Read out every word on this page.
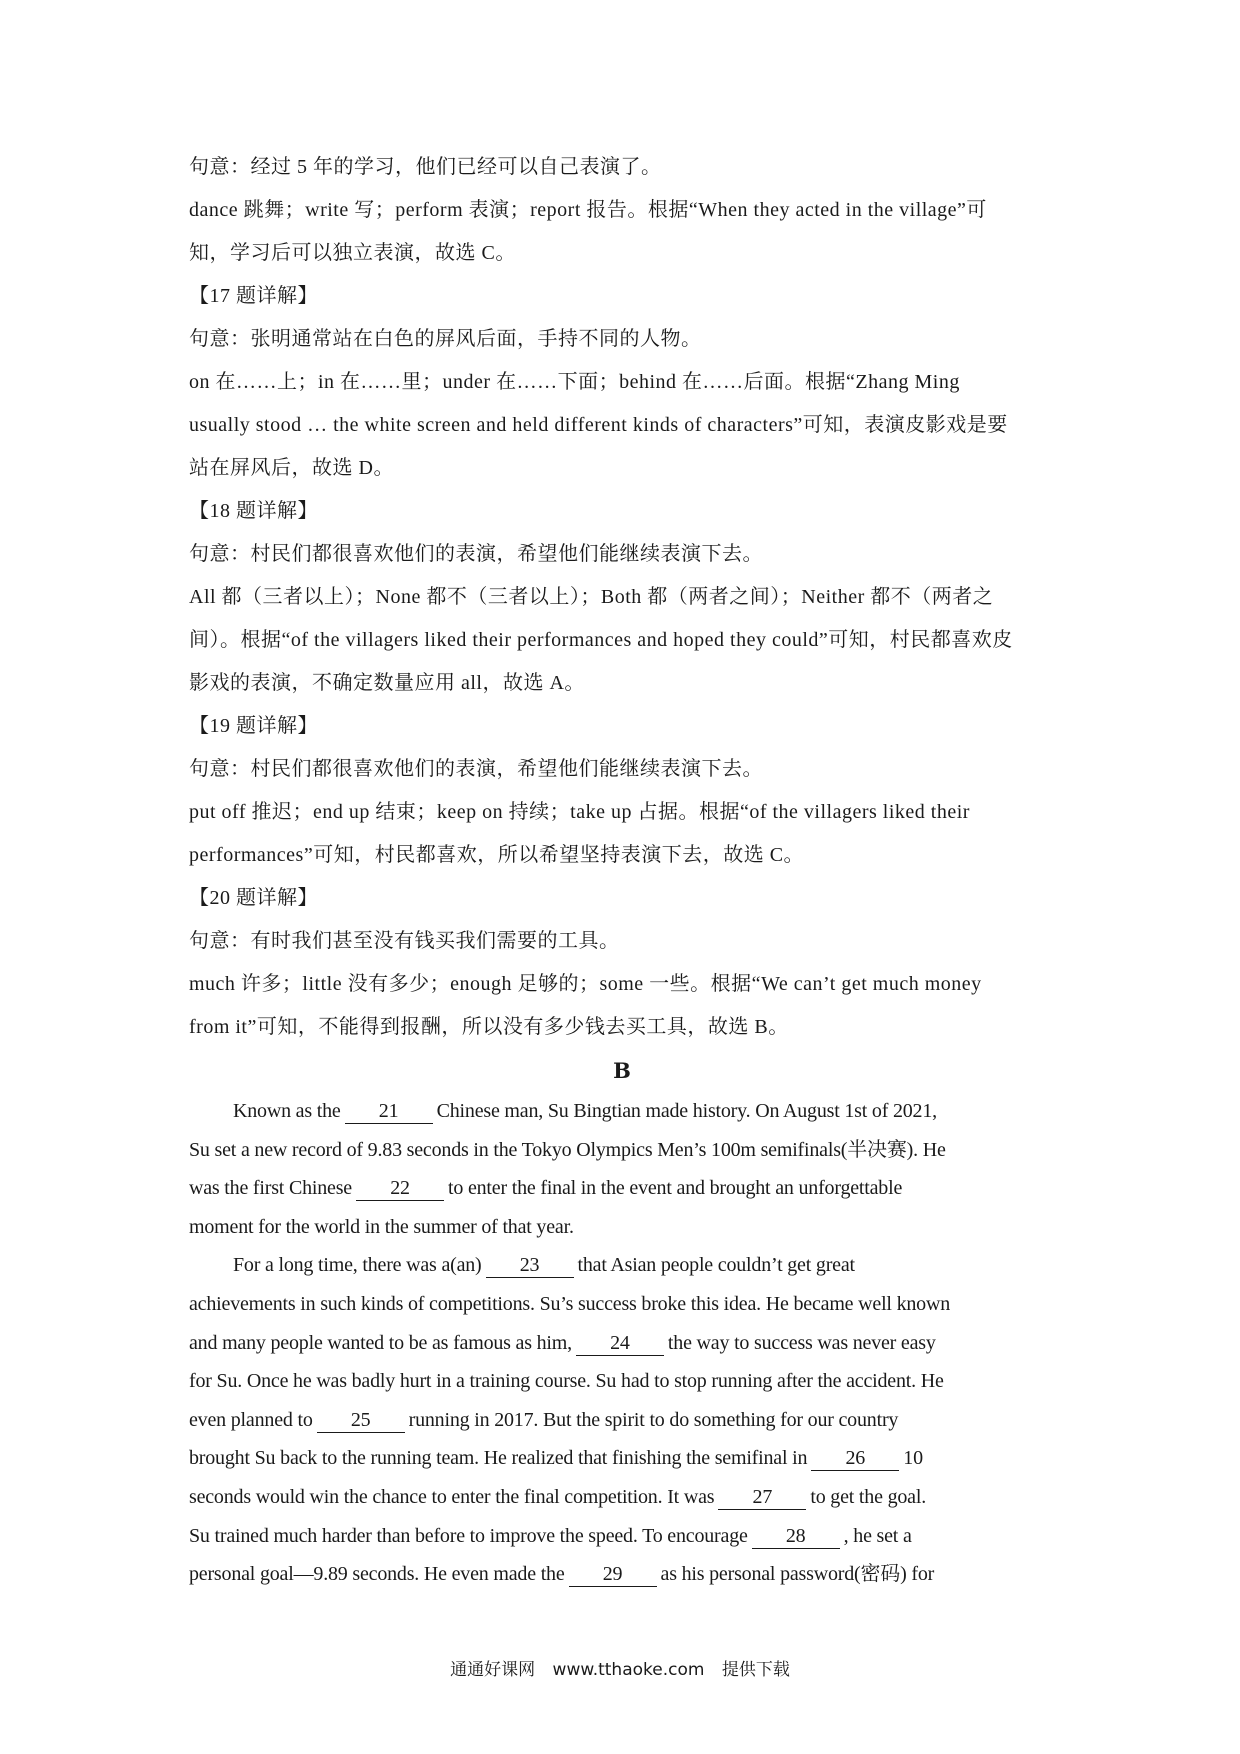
句意：经过 5 年的学习，他们已经可以自己表演了。
dance 跳舞；write 写；perform 表演；report 报告。根据“When they acted in the village”可
知，学习后可以独立表演，故选 C。
【17 题详解】
句意：张明通常站在白色的屏风后面，手持不同的人物。
on 在……上；in 在……里；under 在……下面；behind 在……后面。根据“Zhang Ming
usually stood … the white screen and held different kinds of characters”可知，表演皮影戏是要
站在屏风后，故选 D。
【18 题详解】
句意：村民们都很喜欢他们的表演，希望他们能继续表演下去。
All 都（三者以上）；None 都不（三者以上）；Both 都（两者之间）；Neither 都不（两者之
间）。根据“of the villagers liked their performances and hoped they could”可知，村民都喜欢皮
影戏的表演，不确定数量应用 all，故选 A。
【19 题详解】
句意：村民们都很喜欢他们的表演，希望他们能继续表演下去。
put off 推迟；end up 结束；keep on 持续；take up 占据。根据“of the villagers liked their
performances”可知，村民都喜欢，所以希望坚持表演下去，故选 C。
【20 题详解】
句意：有时我们甚至没有钱买我们需要的工具。
much 许多；little 没有多少；enough 足够的；some 一些。根据“We can’t get much money
from it”可知，不能得到报酬，所以没有多少钱去买工具，故选 B。
B
Known as the 21 Chinese man, Su Bingtian made history. On August 1st of 2021,
Su set a new record of 9.83 seconds in the Tokyo Olympics Men’s 100m semifinals(半决赛). He
was the first Chinese 22 to enter the final in the event and brought an unforgettable
moment for the world in the summer of that year.
For a long time, there was a(an) 23 that Asian people couldn’t get great
achievements in such kinds of competitions. Su’s success broke this idea. He became well known
and many people wanted to be as famous as him, 24 the way to success was never easy
for Su. Once he was badly hurt in a training course. Su had to stop running after the accident. He
even planned to 25 running in 2017. But the spirit to do something for our country
brought Su back to the running team. He realized that finishing the semifinal in 26 10
seconds would win the chance to enter the final competition. It was 27 to get the goal.
Su trained much harder than before to improve the speed. To encourage 28 , he set a
personal goal—9.89 seconds. He even made the 29 as his personal password(密码) for
通通好课网 www.tthaoke.com 提供下载
